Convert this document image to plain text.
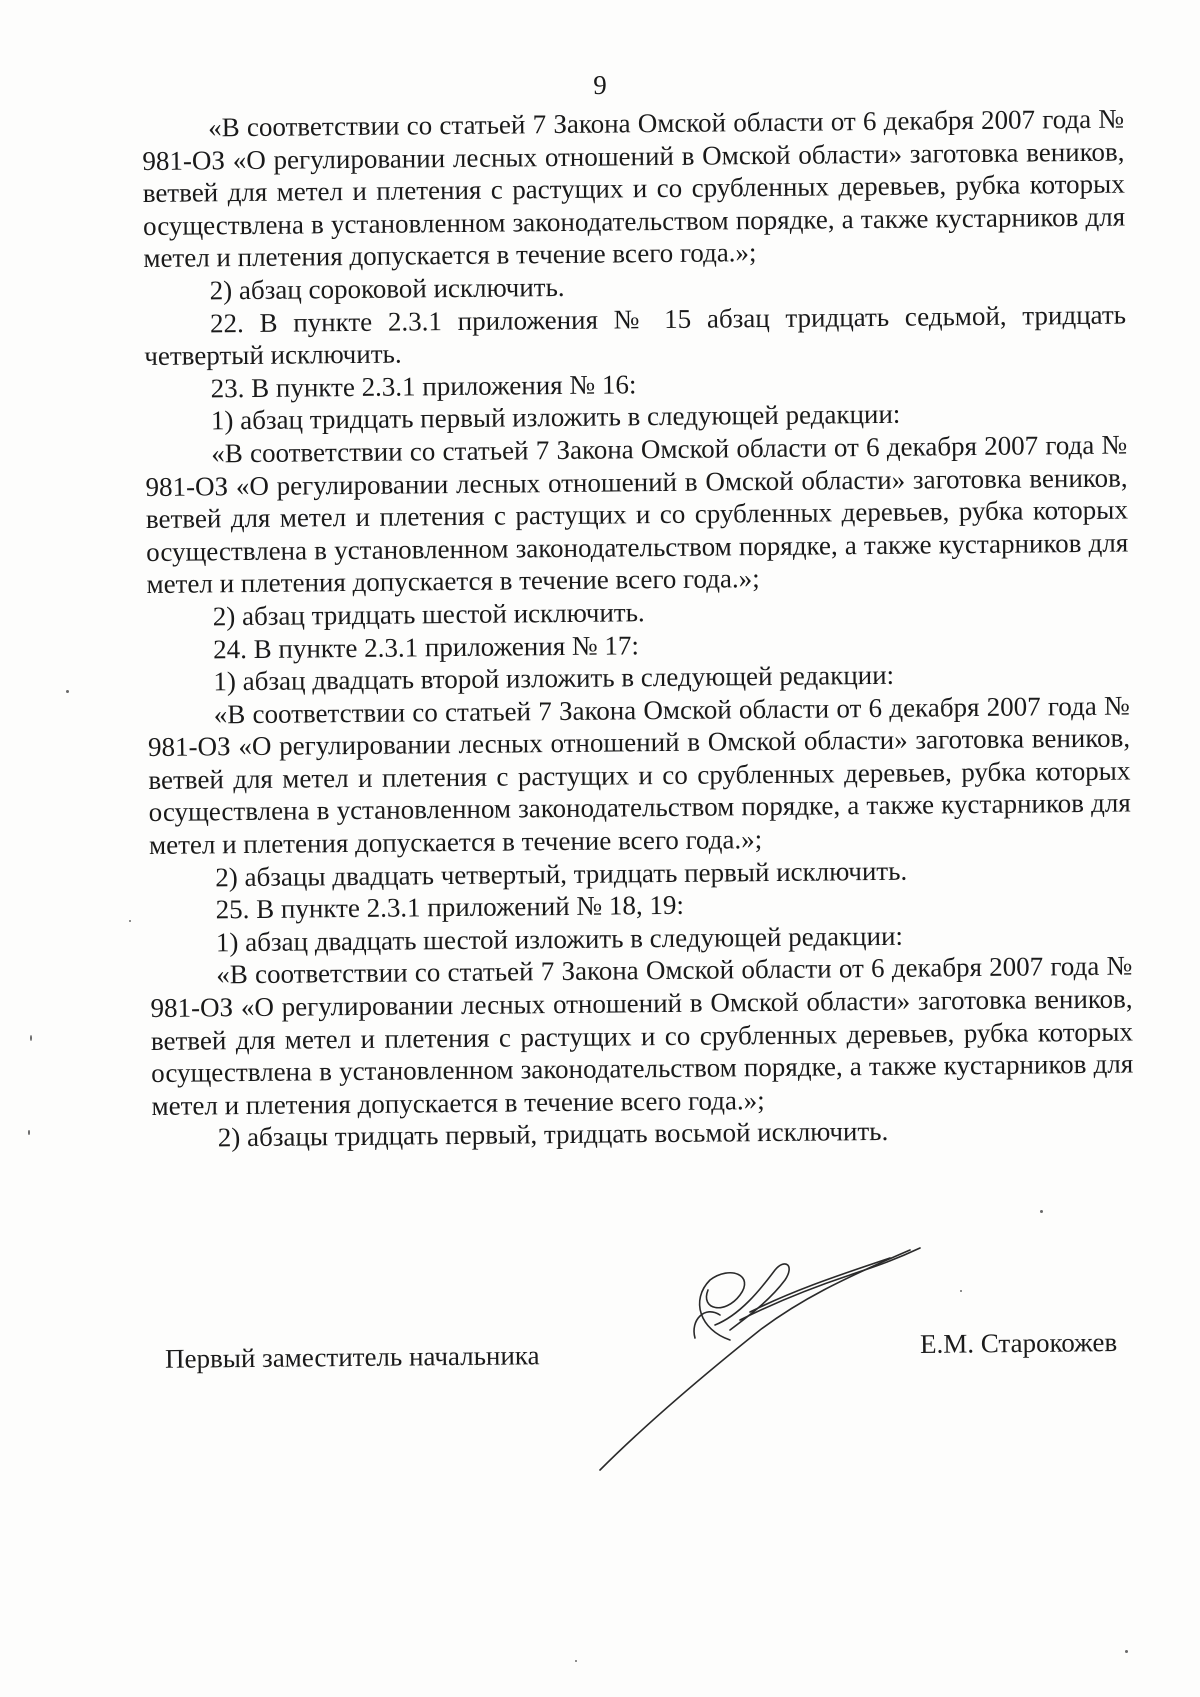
9

«В соответствии со статьей 7 Закона Омской области от 6 декабря 2007 года № 981-ОЗ «О регулировании лесных отношений в Омской области» заготовка веников, ветвей для метел и плетения с растущих и со срубленных деревьев, рубка которых осуществлена в установленном законодательством порядке, а также кустарников для метел и плетения допускается в течение всего года.»;

2) абзац сороковой исключить.

22. В пункте 2.3.1 приложения № 15 абзац тридцать седьмой, тридцать четвертый исключить.

23. В пункте 2.3.1 приложения № 16:

1) абзац тридцать первый изложить в следующей редакции:

«В соответствии со статьей 7 Закона Омской области от 6 декабря 2007 года № 981-ОЗ «О регулировании лесных отношений в Омской области» заготовка веников, ветвей для метел и плетения с растущих и со срубленных деревьев, рубка которых осуществлена в установленном законодательством порядке, а также кустарников для метел и плетения допускается в течение всего года.»;

2) абзац тридцать шестой исключить.

24. В пункте 2.3.1 приложения № 17:

1) абзац двадцать второй изложить в следующей редакции:

«В соответствии со статьей 7 Закона Омской области от 6 декабря 2007 года № 981-ОЗ «О регулировании лесных отношений в Омской области» заготовка веников, ветвей для метел и плетения с растущих и со срубленных деревьев, рубка которых осуществлена в установленном законодательством порядке, а также кустарников для метел и плетения допускается в течение всего года.»;

2) абзацы двадцать четвертый, тридцать первый исключить.

25. В пункте 2.3.1 приложений № 18, 19:

1) абзац двадцать шестой изложить в следующей редакции:

«В соответствии со статьей 7 Закона Омской области от 6 декабря 2007 года № 981-ОЗ «О регулировании лесных отношений в Омской области» заготовка веников, ветвей для метел и плетения с растущих и со срубленных деревьев, рубка которых осуществлена в установленном законодательством порядке, а также кустарников для метел и плетения допускается в течение всего года.»;

2) абзацы тридцать первый, тридцать восьмой исключить.

Первый заместитель начальника	Е.М. Старокожев
